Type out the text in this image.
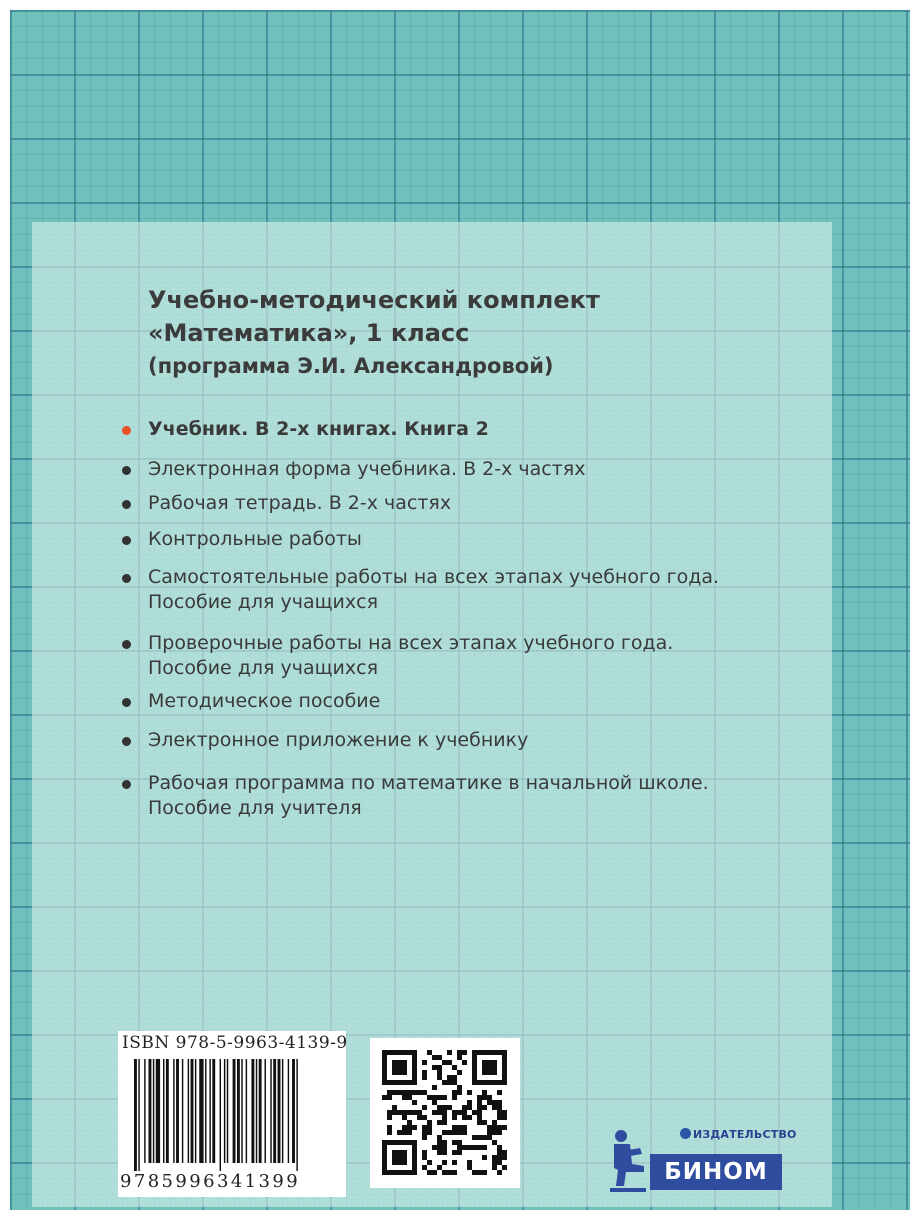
Учебно-методический комплект
«Математика», 1 класс
(программа Э.И. Александровой)
Учебник. В 2-х книгах. Книга 2
Электронная форма учебника. В 2-х частях
Рабочая тетрадь. В 2-х частях
Контрольные работы
Самостоятельные работы на всех этапах учебного года.
Пособие для учащихся
Проверочные работы на всех этапах учебного года.
Пособие для учащихся
Методическое пособие
Электронное приложение к учебнику
Рабочая программа по математике в начальной школе.
Пособие для учителя
ISBN 978-5-9963-4139-9
9785996341399
ИЗДАТЕЛЬСТВО
БИНОМ
